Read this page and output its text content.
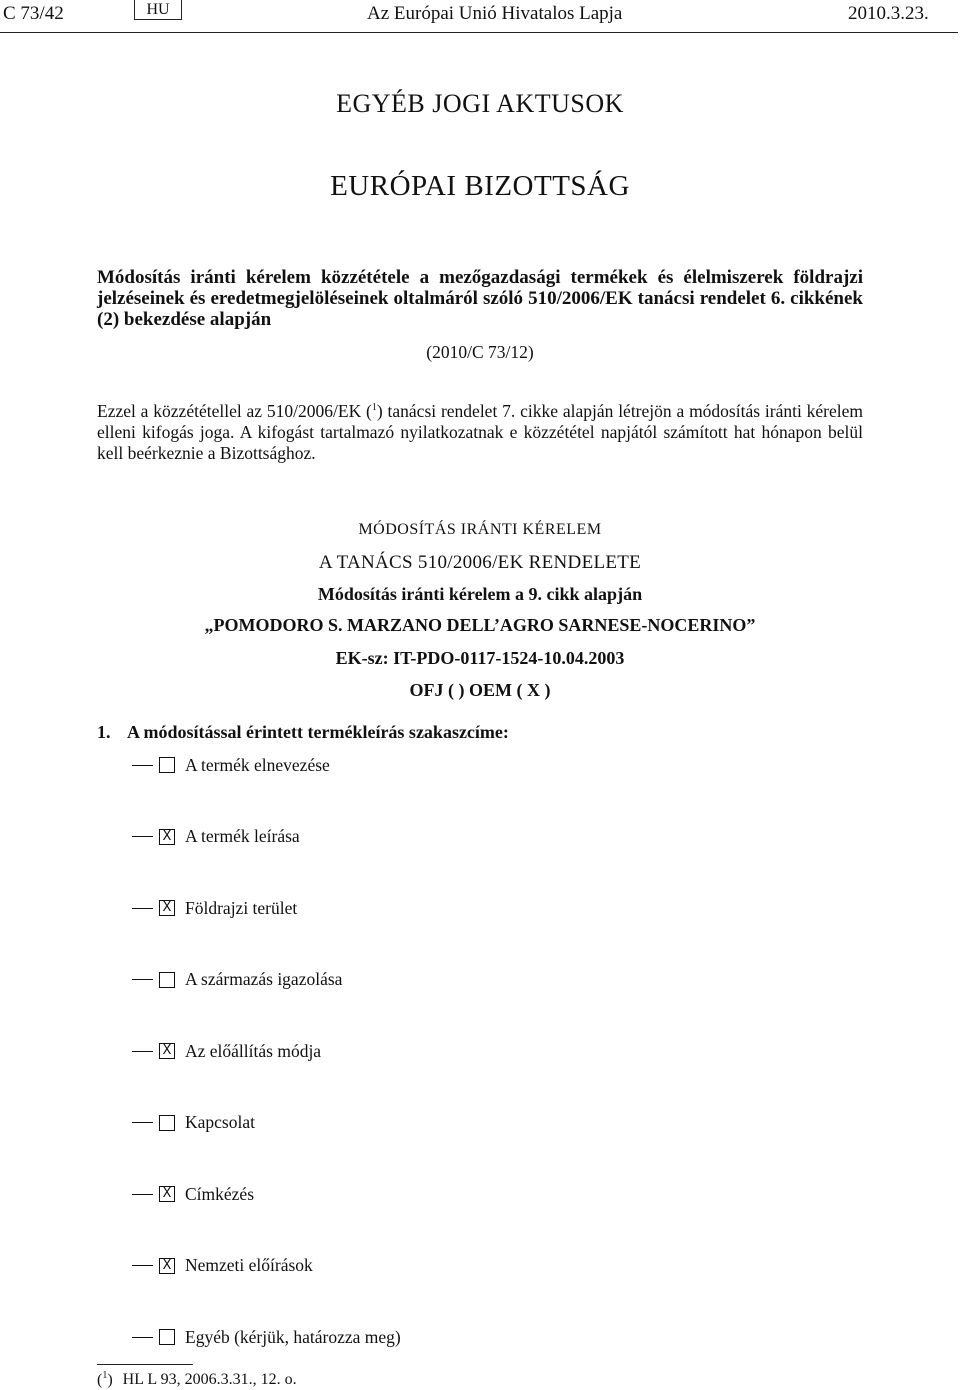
C 73/42	HU	Az Európai Unió Hivatalos Lapja	2010.3.23.
EGYÉB JOGI AKTUSOK
EURÓPAI BIZOTTSÁG
Módosítás iránti kérelem közzététele a mezőgazdasági termékek és élelmiszerek földrajzi jelzéseinek és eredetmegjelöléseinek oltalmáról szóló 510/2006/EK tanácsi rendelet 6. cikkének (2) bekezdése alapján
(2010/C 73/12)

Ezzel a közzététellel az 510/2006/EK ($^1$) tanácsi rendelet 7. cikke alapján létrejön a módosítás iránti kérelem elleni kifogás joga. A kifogást tartalmazó nyilatkozatnak e közzététel napjától számított hat hónapon belül kell beérkeznie a Bizottsághoz.

MÓDOSÍTÁS IRÁNTI KÉRELEM
A TANÁCS 510/2006/EK RENDELETE
Módosítás iránti kérelem a 9. cikk alapján
„POMODORO S. MARZANO DELL’AGRO SARNESE-NOCERINO”
EK-sz: IT-PDO-0117-1524-10.04.2003
OFJ ( ) OEM ( X )
1. A módosítással érintett termékleírás szakaszcíme:
A termék elnevezése
X A termék leírása
X Földrajzi terület
A származás igazolása
X Az előállítás módja
Kapcsolat
X Címkézés
X Nemzeti előírások
Egyéb (kérjük, határozza meg)
($^1$) HL L 93, 2006.3.31., 12. o.
